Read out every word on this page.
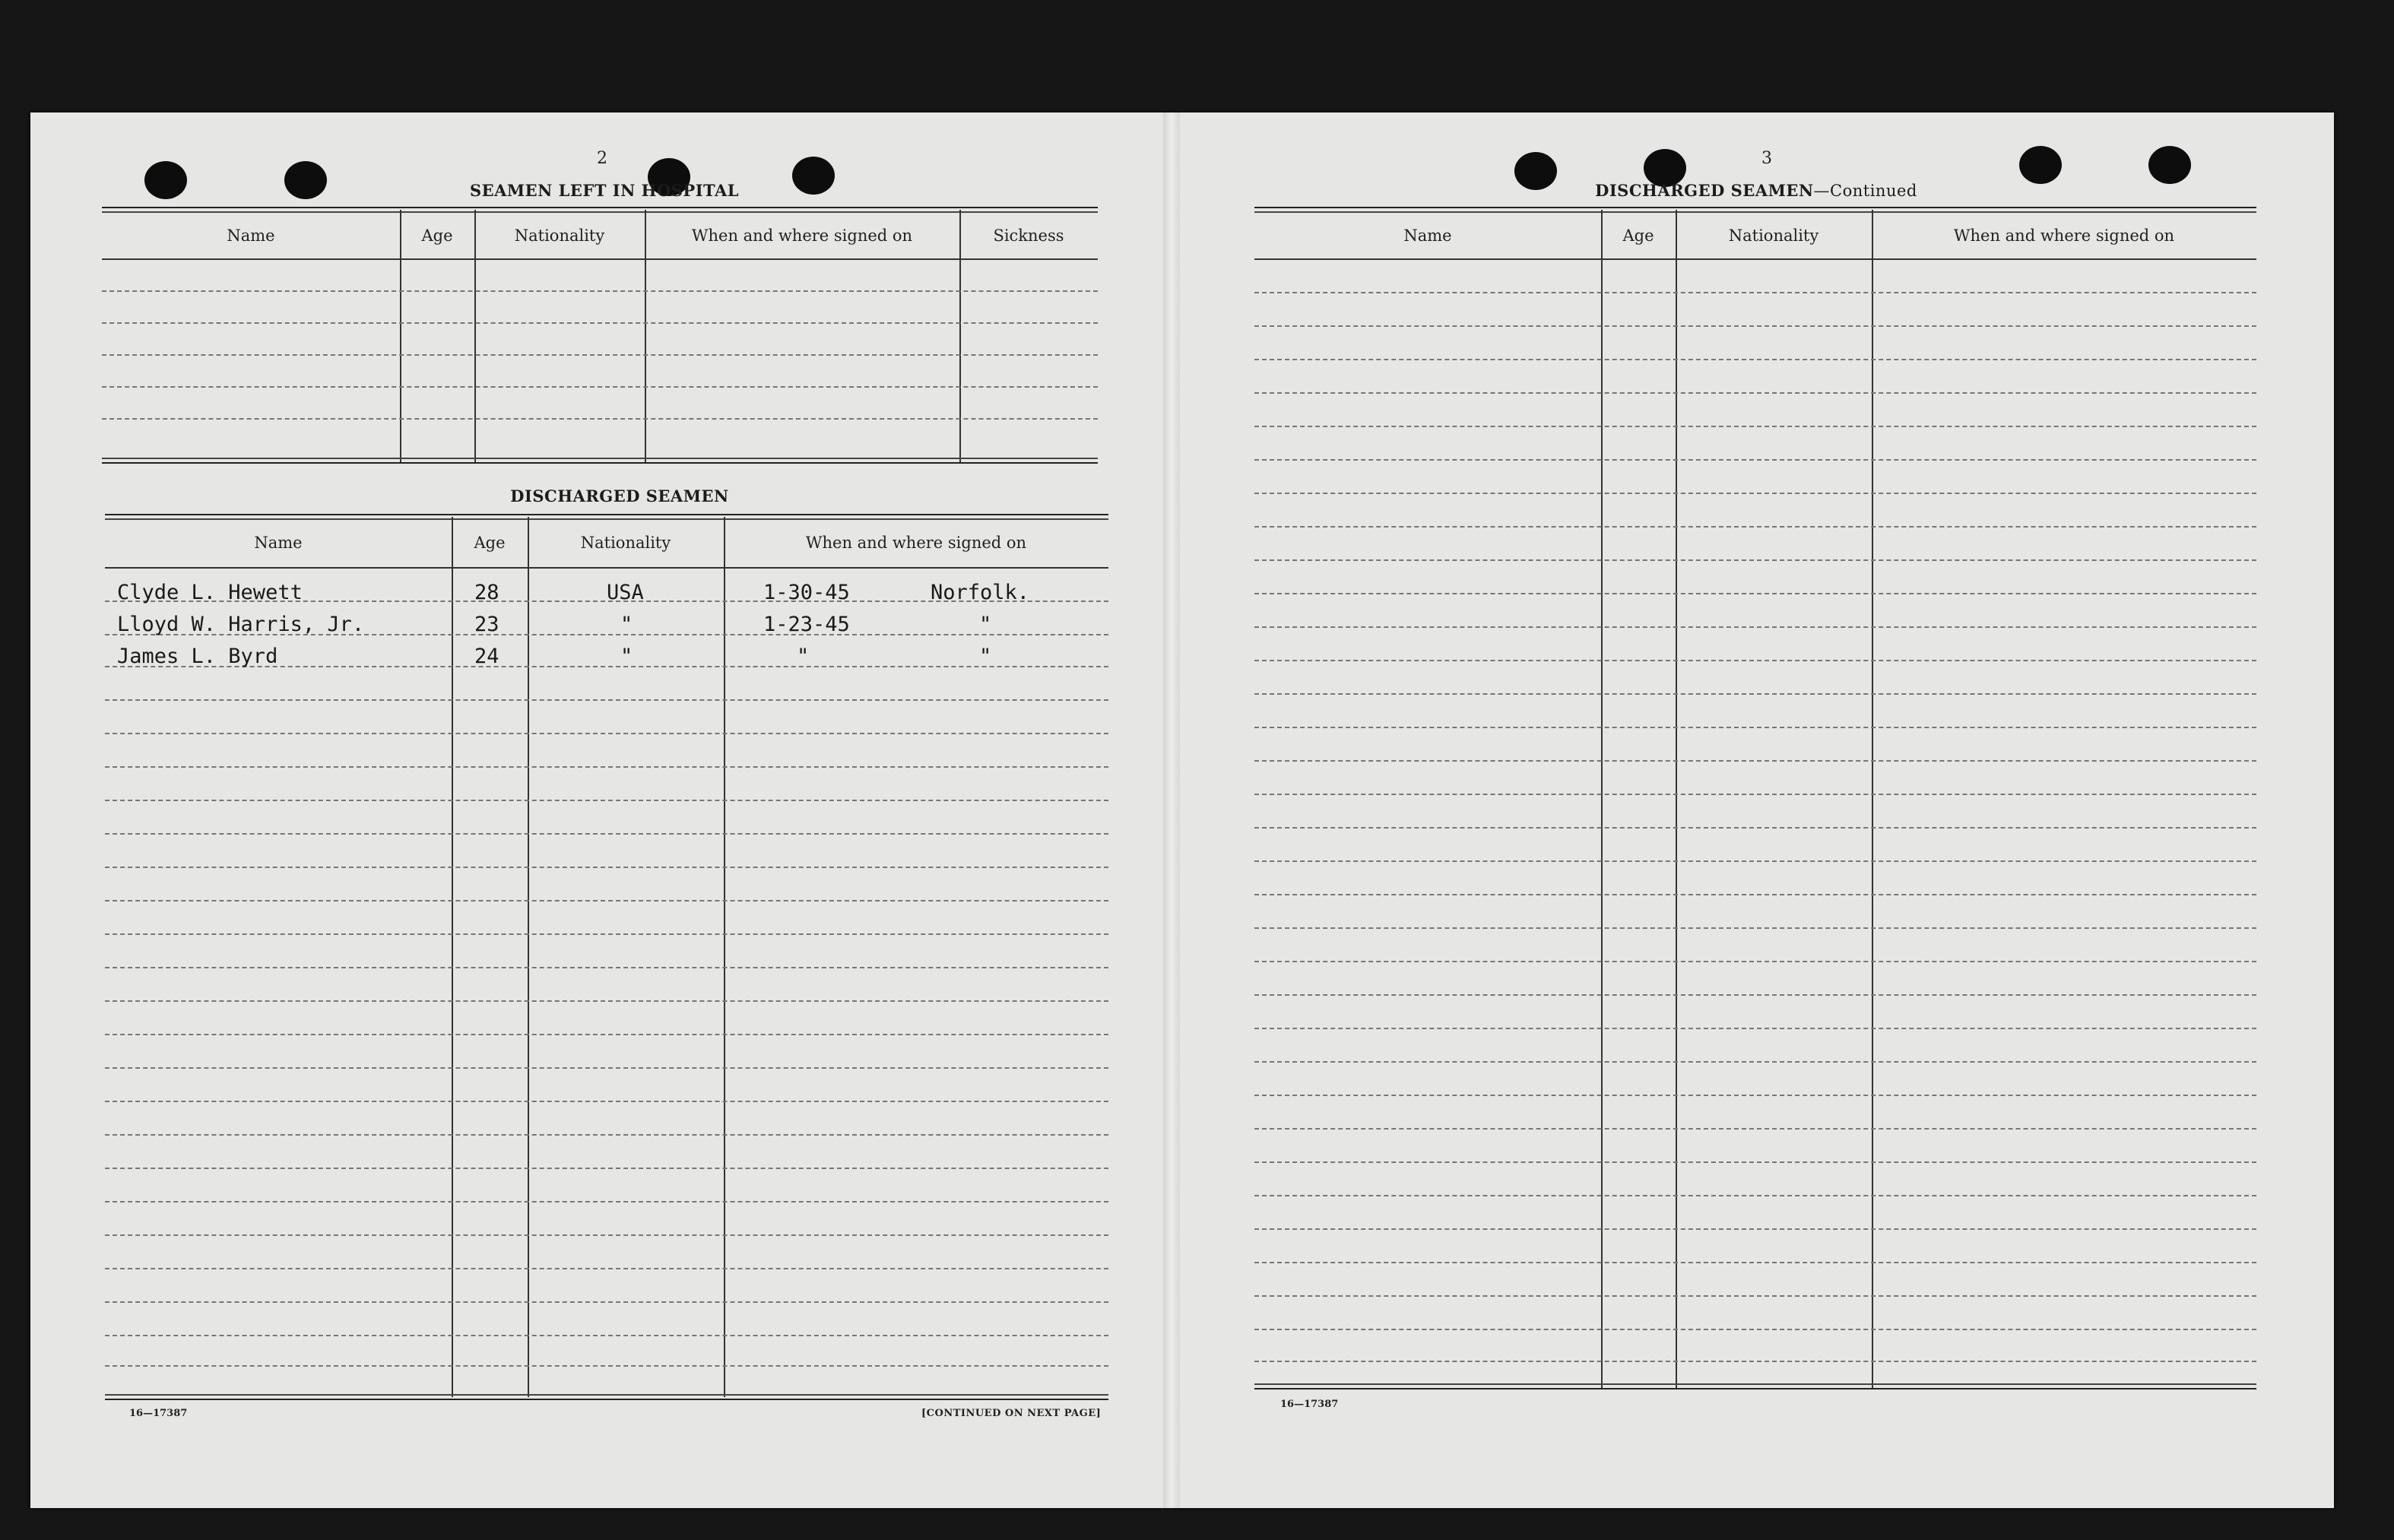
2
SEAMEN LEFT IN HOSPITAL
Name	Age	Nationality	When and where signed on	Sickness
DISCHARGED SEAMEN
Name	Age	Nationality	When and where signed on
Clyde L. Hewett	28	USA	1-30-45	Norfolk.
Lloyd W. Harris, Jr.	23	"	1-23-45	"
James L. Byrd	24	"	"	"
16—17387	[CONTINUED ON NEXT PAGE]
3
DISCHARGED SEAMEN—Continued
Name	Age	Nationality	When and where signed on
16—17387
